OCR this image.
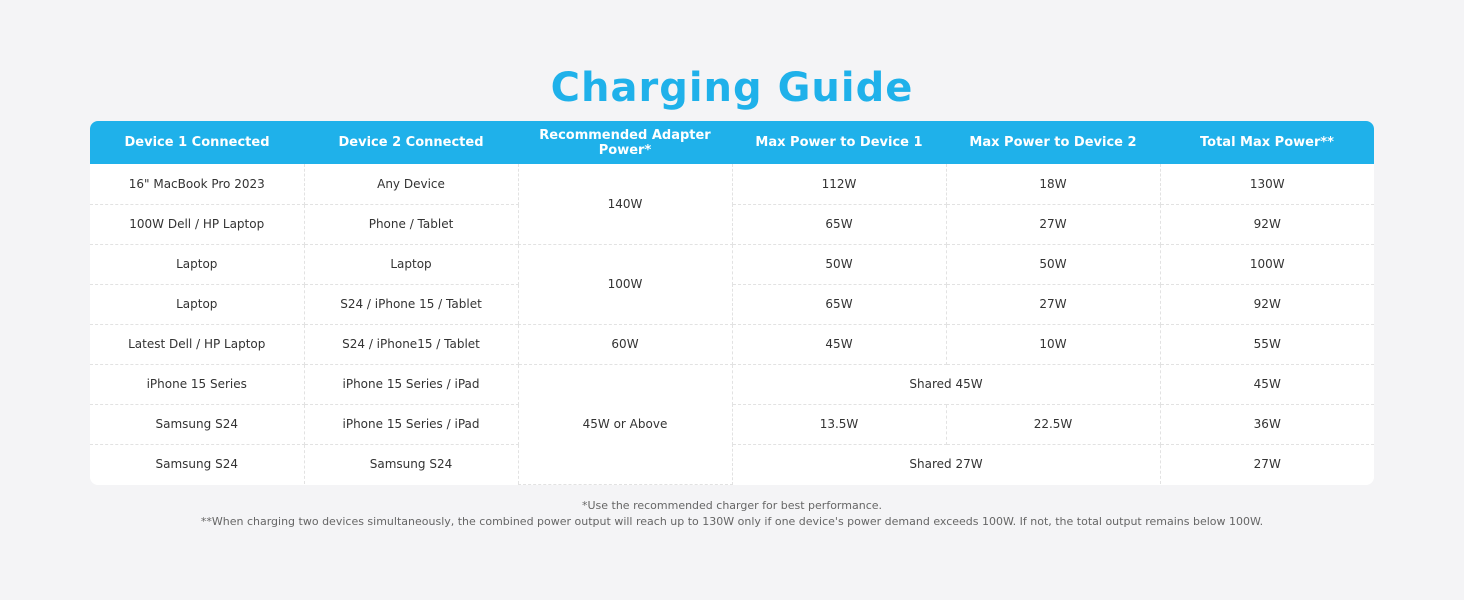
Charging Guide
Device 1 Connected	Device 2 Connected	Recommended Adapter Power*	Max Power to Device 1	Max Power to Device 2	Total Max Power**
16" MacBook Pro 2023	Any Device	140W	112W	18W	130W
100W Dell / HP Laptop	Phone / Tablet		65W	27W	92W
Laptop	Laptop	100W	50W	50W	100W
Laptop	S24 / iPhone 15 / Tablet		65W	27W	92W
Latest Dell / HP Laptop	S24 / iPhone15 / Tablet	60W	45W	10W	55W
iPhone 15 Series	iPhone 15 Series / iPad	45W or Above	Shared 45W		45W
Samsung S24	iPhone 15 Series / iPad		13.5W	22.5W	36W
Samsung S24	Samsung S24		Shared 27W		27W
*Use the recommended charger for best performance.
**When charging two devices simultaneously, the combined power output will reach up to 130W only if one device's power demand exceeds 100W. If not, the total output remains below 100W.
